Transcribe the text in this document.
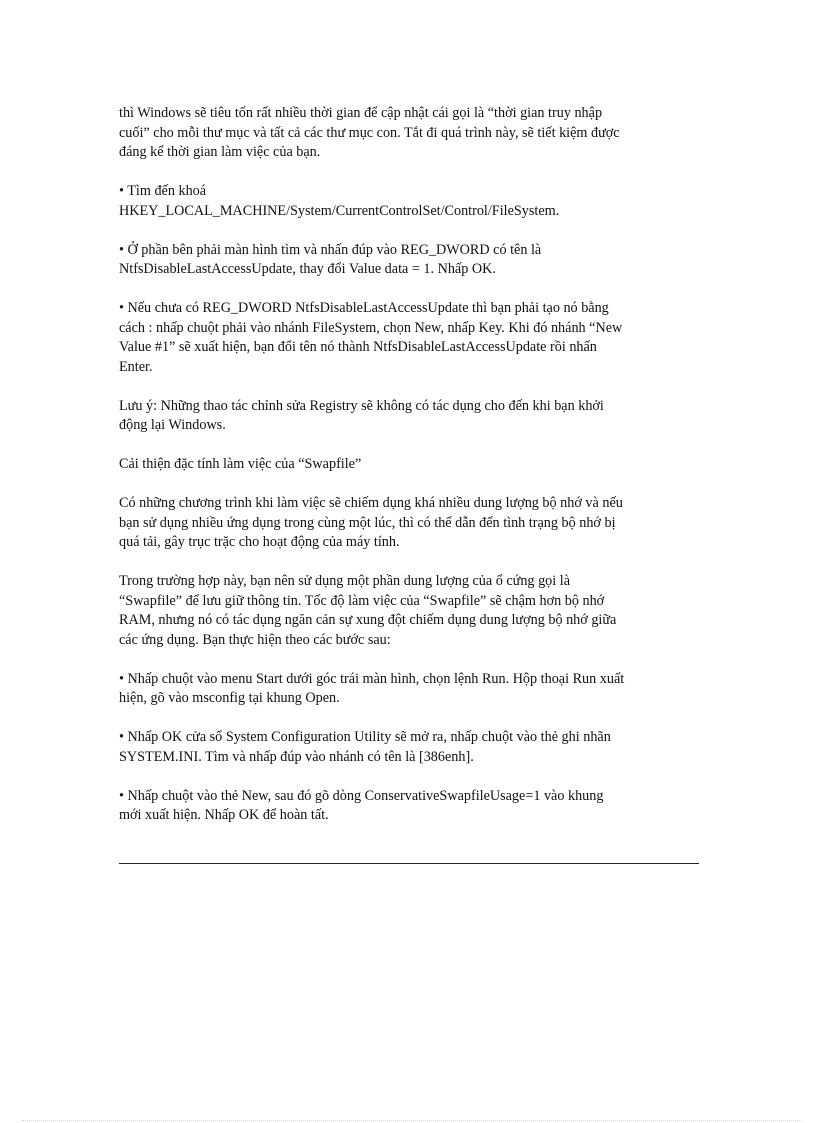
thì Windows sẽ tiêu tốn rất nhiều thời gian để cập nhật cái gọi là “thời gian truy nhập
cuối” cho mỗi thư mục và tất cả các thư mục con. Tắt đi quá trình này, sẽ tiết kiệm được
đáng kể thời gian làm việc của bạn.

• Tìm đến khoá
HKEY_LOCAL_MACHINE/System/CurrentControlSet/Control/FileSystem.

• Ở phần bên phải màn hình tìm và nhấn đúp vào REG_DWORD có tên là
NtfsDisableLastAccessUpdate, thay đổi Value data = 1. Nhấp OK.

• Nếu chưa có REG_DWORD NtfsDisableLastAccessUpdate thì bạn phải tạo nó bằng
cách : nhấp chuột phải vào nhánh FileSystem, chọn New, nhấp Key. Khi đó nhánh “New
Value #1” sẽ xuất hiện, bạn đổi tên nó thành NtfsDisableLastAccessUpdate rồi nhấn
Enter.

Lưu ý: Những thao tác chỉnh sửa Registry sẽ không có tác dụng cho đến khi bạn khởi
động lại Windows.

Cải thiện đặc tính làm việc của “Swapfile”

Có những chương trình khi làm việc sẽ chiếm dụng khá nhiều dung lượng bộ nhớ và nếu
bạn sử dụng nhiều ứng dụng trong cùng một lúc, thì có thể dẫn đến tình trạng bộ nhớ bị
quá tải, gây trục trặc cho hoạt động của máy tính.

Trong trường hợp này, bạn nên sử dụng một phần dung lượng của ổ cứng gọi là
“Swapfile” để lưu giữ thông tin. Tốc độ làm việc của “Swapfile” sẽ chậm hơn bộ nhớ
RAM, nhưng nó có tác dụng ngăn cản sự xung đột chiếm dụng dung lượng bộ nhớ giữa
các ứng dụng. Bạn thực hiện theo các bước sau:

• Nhấp chuột vào menu Start dưới góc trái màn hình, chọn lệnh Run. Hộp thoại Run xuất
hiện, gõ vào msconfig tại khung Open.

• Nhấp OK cửa sổ System Configuration Utility sẽ mở ra, nhấp chuột vào thẻ ghi nhãn
SYSTEM.INI. Tìm và nhấp đúp vào nhánh có tên là [386enh].

• Nhấp chuột vào thẻ New, sau đó gõ dòng ConservativeSwapfileUsage=1 vào khung
mới xuất hiện. Nhấp OK để hoàn tất.
